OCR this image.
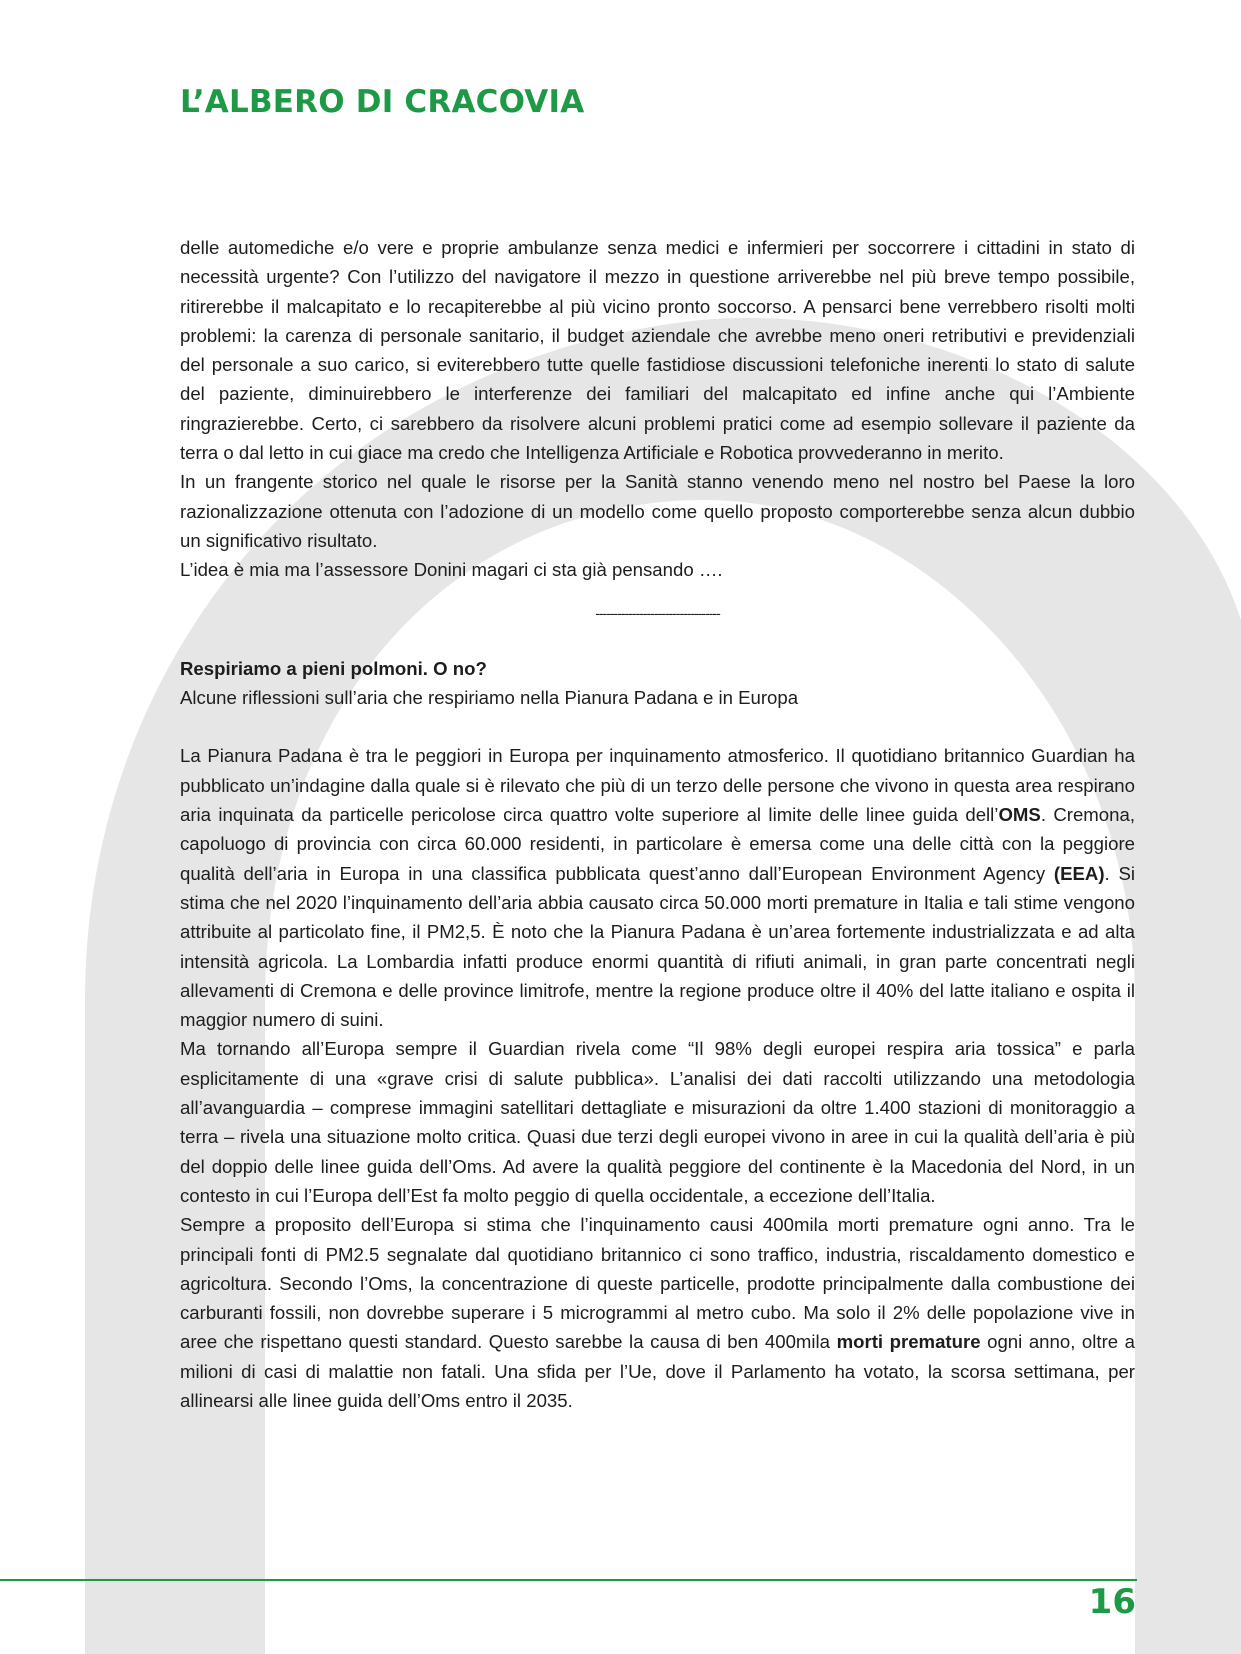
L’ALBERO DI CRACOVIA

delle automediche e/o vere e proprie ambulanze senza medici e infermieri per soccorrere i cittadini in stato di necessità urgente? Con l’utilizzo del navigatore il mezzo in questione arriverebbe nel più breve tempo possibile, ritirerebbe il malcapitato e lo recapiterebbe al più vicino pronto soccorso. A pensarci bene verrebbero risolti molti problemi: la carenza di personale sanitario, il budget aziendale che avrebbe meno oneri retributivi e previdenziali del personale a suo carico, si eviterebbero tutte quelle fastidiose discussioni telefoniche inerenti lo stato di salute del paziente, diminuirebbero le interferenze dei familiari del malcapitato ed infine anche qui l’Ambiente ringrazierebbe. Certo, ci sarebbero da risolvere alcuni problemi pratici come ad esempio sollevare il paziente da terra o dal letto in cui giace ma credo che Intelligenza Artificiale e Robotica provvederanno in merito.

In un frangente storico nel quale le risorse per la Sanità stanno venendo meno nel nostro bel Paese la loro razionalizzazione ottenuta con l’adozione di un modello come quello proposto comporterebbe senza alcun dubbio un significativo risultato.

L’idea è mia ma l’assessore Donini magari ci sta già pensando ….

----------------------------------

Respiriamo a pieni polmoni. O no?

Alcune riflessioni sull’aria che respiriamo nella Pianura Padana e in Europa

La Pianura Padana è tra le peggiori in Europa per inquinamento atmosferico. Il quotidiano britannico Guardian ha pubblicato un’indagine dalla quale si è rilevato che più di un terzo delle persone che vivono in questa area respirano aria inquinata da particelle pericolose circa quattro volte superiore al limite delle linee guida dell’OMS. Cremona, capoluogo di provincia con circa 60.000 residenti, in particolare è emersa come una delle città con la peggiore qualità dell’aria in Europa in una classifica pubblicata quest’anno dall’European Environment Agency (EEA). Si stima che nel 2020 l’inquinamento dell’aria abbia causato circa 50.000 morti premature in Italia e tali stime vengono attribuite al particolato fine, il PM2,5. È noto che la Pianura Padana è un’area fortemente industrializzata e ad alta intensità agricola. La Lombardia infatti produce enormi quantità di rifiuti animali, in gran parte concentrati negli allevamenti di Cremona e delle province limitrofe, mentre la regione produce oltre il 40% del latte italiano e ospita il maggior numero di suini.

Ma tornando all’Europa sempre il Guardian rivela come “Il 98% degli europei respira aria tossica” e parla esplicitamente di una «grave crisi di salute pubblica». L’analisi dei dati raccolti utilizzando una metodologia all’avanguardia – comprese immagini satellitari dettagliate e misurazioni da oltre 1.400 stazioni di monitoraggio a terra – rivela una situazione molto critica. Quasi due terzi degli europei vivono in aree in cui la qualità dell’aria è più del doppio delle linee guida dell’Oms. Ad avere la qualità peggiore del continente è la Macedonia del Nord, in un contesto in cui l’Europa dell’Est fa molto peggio di quella occidentale, a eccezione dell’Italia.

Sempre a proposito dell’Europa si stima che l’inquinamento causi 400mila morti premature ogni anno. Tra le principali fonti di PM2.5 segnalate dal quotidiano britannico ci sono traffico, industria, riscaldamento domestico e agricoltura. Secondo l’Oms, la concentrazione di queste particelle, prodotte principalmente dalla combustione dei carburanti fossili, non dovrebbe superare i 5 microgrammi al metro cubo. Ma solo il 2% delle popolazione vive in aree che rispettano questi standard. Questo sarebbe la causa di ben 400mila morti premature ogni anno, oltre a milioni di casi di malattie non fatali. Una sfida per l’Ue, dove il Parlamento ha votato, la scorsa settimana, per allinearsi alle linee guida dell’Oms entro il 2035.

16
